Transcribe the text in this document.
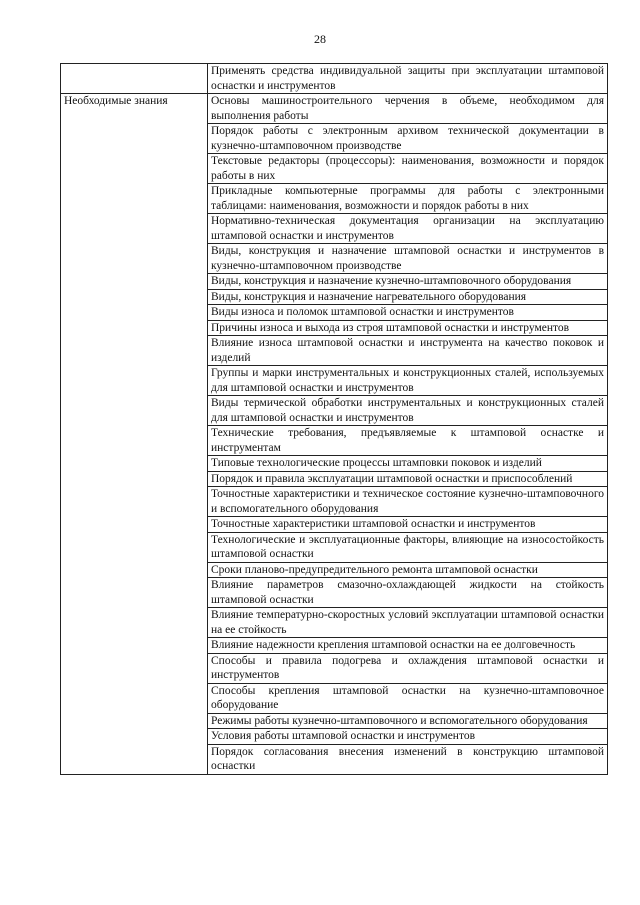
28
	Применять средства индивидуальной защиты при эксплуатации штамповой оснастки и инструментов
Необходимые знания	Основы машиностроительного черчения в объеме, необходимом для выполнения работы
	Порядок работы с электронным архивом технической документации в кузнечно-штамповочном производстве
	Текстовые редакторы (процессоры): наименования, возможности и порядок работы в них
	Прикладные компьютерные программы для работы с электронными таблицами: наименования, возможности и порядок работы в них
	Нормативно-техническая документация организации на эксплуатацию штамповой оснастки и инструментов
	Виды, конструкция и назначение штамповой оснастки и инструментов в кузнечно-штамповочном производстве
	Виды, конструкция и назначение кузнечно-штамповочного оборудования
	Виды, конструкция и назначение нагревательного оборудования
	Виды износа и поломок штамповой оснастки и инструментов
	Причины износа и выхода из строя штамповой оснастки и инструментов
	Влияние износа штамповой оснастки и инструмента на качество поковок и изделий
	Группы и марки инструментальных и конструкционных сталей, используемых для штамповой оснастки и инструментов
	Виды термической обработки инструментальных и конструкционных сталей для штамповой оснастки и инструментов
	Технические требования, предъявляемые к штамповой оснастке и инструментам
	Типовые технологические процессы штамповки поковок и изделий
	Порядок и правила эксплуатации штамповой оснастки и приспособлений
	Точностные характеристики и техническое состояние кузнечно-штамповочного и вспомогательного оборудования
	Точностные характеристики штамповой оснастки и инструментов
	Технологические и эксплуатационные факторы, влияющие на износостойкость штамповой оснастки
	Сроки планово-предупредительного ремонта штамповой оснастки
	Влияние параметров смазочно-охлаждающей жидкости на стойкость штамповой оснастки
	Влияние температурно-скоростных условий эксплуатации штамповой оснастки на ее стойкость
	Влияние надежности крепления штамповой оснастки на ее долговечность
	Способы и правила подогрева и охлаждения штамповой оснастки и инструментов
	Способы крепления штамповой оснастки на кузнечно-штамповочное оборудование
	Режимы работы кузнечно-штамповочного и вспомогательного оборудования
	Условия работы штамповой оснастки и инструментов
	Порядок согласования внесения изменений в конструкцию штамповой оснастки
